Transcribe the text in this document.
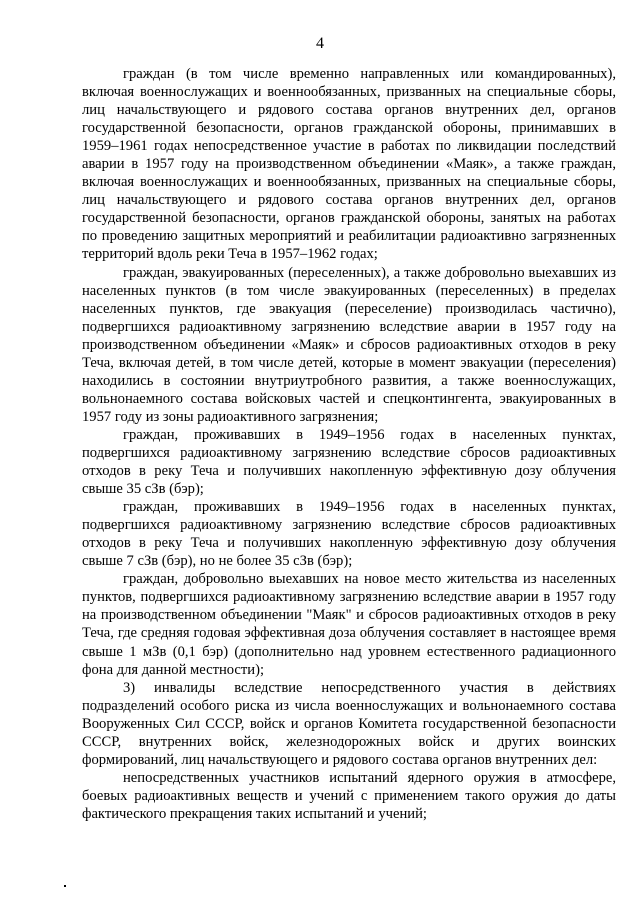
4

граждан (в том числе временно направленных или командированных), включая военнослужащих и военнообязанных, призванных на специальные сборы, лиц начальствующего и рядового состава органов внутренних дел, органов государственной безопасности, органов гражданской обороны, принимавших в 1959–1961 годах непосредственное участие в работах по ликвидации последствий аварии в 1957 году на производственном объединении «Маяк», а также граждан, включая военнослужащих и военнообязанных, призванных на специальные сборы, лиц начальствующего и рядового состава органов внутренних дел, органов государственной безопасности, органов гражданской обороны, занятых на работах по проведению защитных мероприятий и реабилитации радиоактивно загрязненных территорий вдоль реки Теча в 1957–1962 годах;

граждан, эвакуированных (переселенных), а также добровольно выехавших из населенных пунктов (в том числе эвакуированных (переселенных) в пределах населенных пунктов, где эвакуация (переселение) производилась частично), подвергшихся радиоактивному загрязнению вследствие аварии в 1957 году на производственном объединении «Маяк» и сбросов радиоактивных отходов в реку Теча, включая детей, в том числе детей, которые в момент эвакуации (переселения) находились в состоянии внутриутробного развития, а также военнослужащих, вольнонаемного состава войсковых частей и спецконтингента, эвакуированных в 1957 году из зоны радиоактивного загрязнения;

граждан, проживавших в 1949–1956 годах в населенных пунктах, подвергшихся радиоактивному загрязнению вследствие сбросов радиоактивных отходов в реку Теча и получивших накопленную эффективную дозу облучения свыше 35 сЗв (бэр);

граждан, проживавших в 1949–1956 годах в населенных пунктах, подвергшихся радиоактивному загрязнению вследствие сбросов радиоактивных отходов в реку Теча и получивших накопленную эффективную дозу облучения свыше 7 сЗв (бэр), но не более 35 сЗв (бэр);

граждан, добровольно выехавших на новое место жительства из населенных пунктов, подвергшихся радиоактивному загрязнению вследствие аварии в 1957 году на производственном объединении "Маяк" и сбросов радиоактивных отходов в реку Теча, где средняя годовая эффективная доза облучения составляет в настоящее время свыше 1 мЗв (0,1 бэр) (дополнительно над уровнем естественного радиационного фона для данной местности);

3) инвалиды вследствие непосредственного участия в действиях подразделений особого риска из числа военнослужащих и вольнонаемного состава Вооруженных Сил СССР, войск и органов Комитета государственной безопасности СССР, внутренних войск, железнодорожных войск и других воинских формирований, лиц начальствующего и рядового состава органов внутренних дел:

непосредственных участников испытаний ядерного оружия в атмосфере, боевых радиоактивных веществ и учений с применением такого оружия до даты фактического прекращения таких испытаний и учений;
